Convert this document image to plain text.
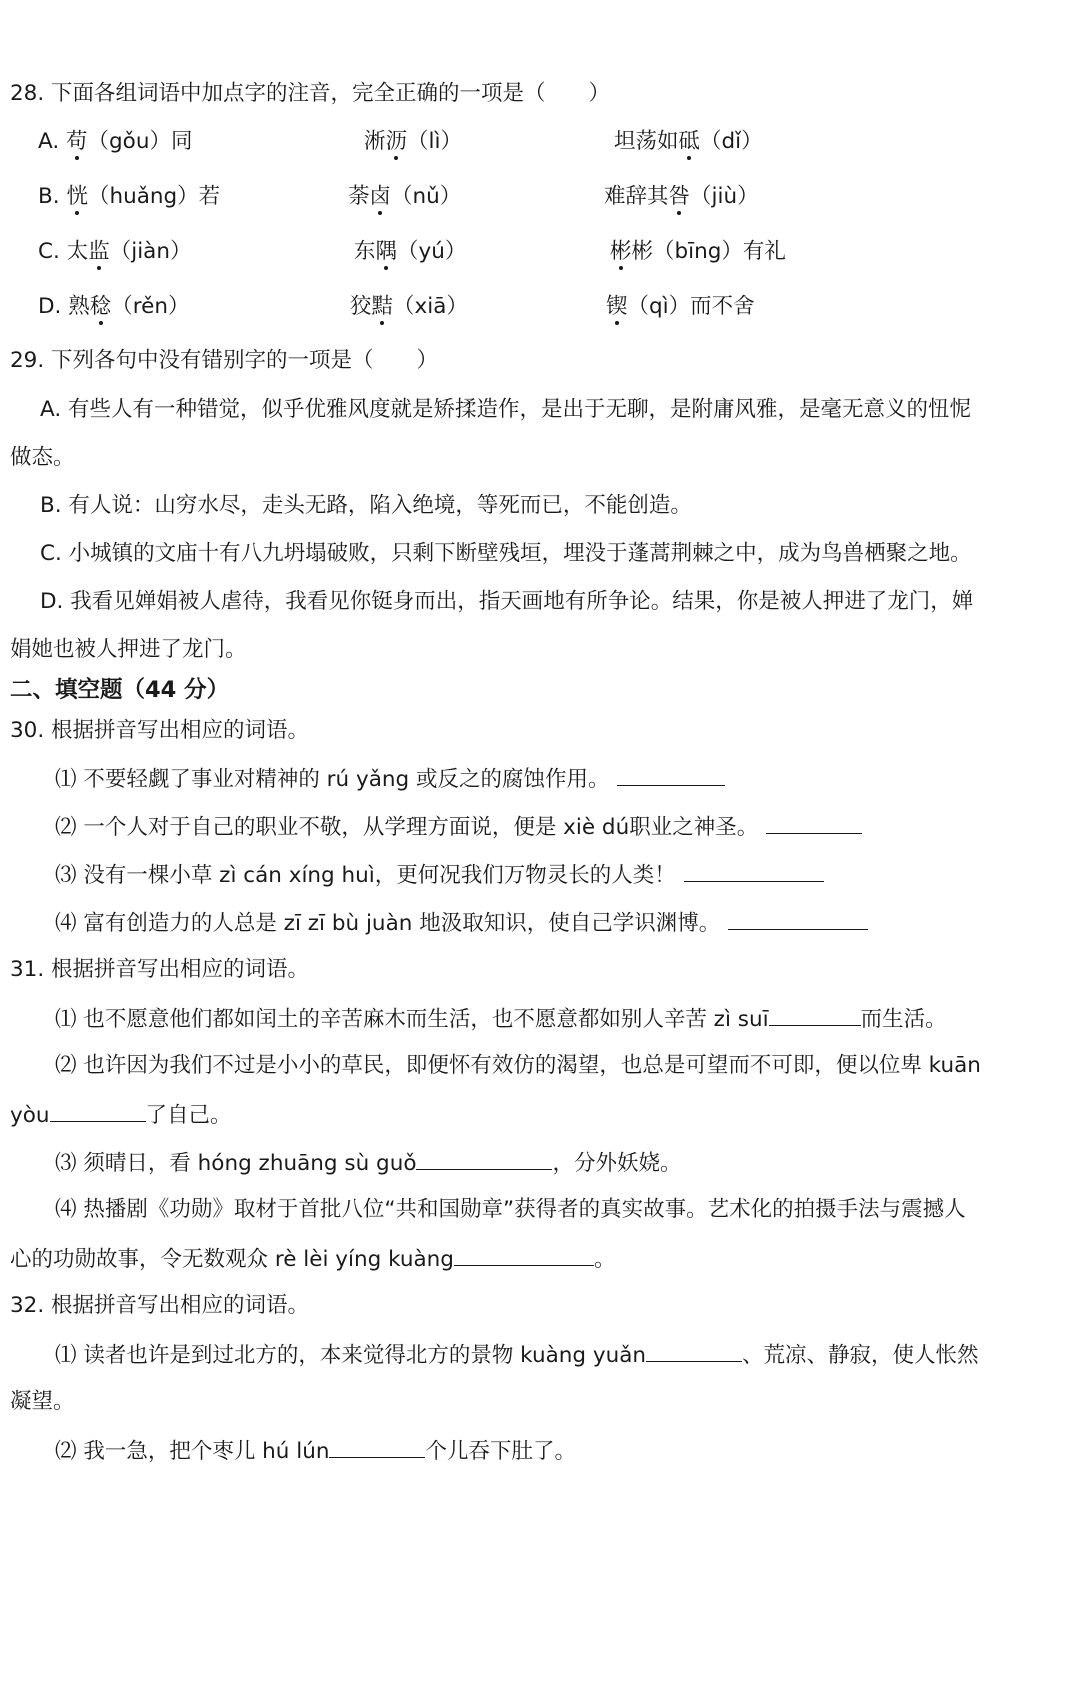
28. 下面各组词语中加点字的注音，完全正确的一项是（　　）
A. 苟（gǒu）同	淅沥（lì）	坦荡如砥（dǐ）
B. 恍（huǎng）若	荼卤（nǔ）	难辞其咎（jiù）
C. 太监（jiàn）	东隅（yú）	彬彬（bīng）有礼
D. 熟稔（rěn）	狡黠（xiā）	锲（qì）而不舍
29. 下列各句中没有错别字的一项是（　　）
A. 有些人有一种错觉，似乎优雅风度就是矫揉造作，是出于无聊，是附庸风雅，是毫无意义的忸怩
做态。
B. 有人说：山穷水尽，走头无路，陷入绝境，等死而已，不能创造。
C. 小城镇的文庙十有八九坍塌破败，只剩下断壁残垣，埋没于蓬蒿荆棘之中，成为鸟兽栖聚之地。
D. 我看见婵娟被人虐待，我看见你铤身而出，指天画地有所争论。结果，你是被人押进了龙门，婵
娟她也被人押进了龙门。
二、填空题（44 分）
30. 根据拼音写出相应的词语。
⑴ 不要轻觑了事业对精神的 rú yǎng 或反之的腐蚀作用。
⑵ 一个人对于自己的职业不敬，从学理方面说，便是 xiè dú职业之神圣。
⑶ 没有一棵小草 zì cán xíng huì，更何况我们万物灵长的人类！
⑷ 富有创造力的人总是 zī zī bù juàn 地汲取知识，使自己学识渊博。
31. 根据拼音写出相应的词语。
⑴ 也不愿意他们都如闰土的辛苦麻木而生活，也不愿意都如别人辛苦 zì suī	而生活。
⑵ 也许因为我们不过是小小的草民，即便怀有效仿的渴望，也总是可望而不可即，便以位卑 kuān
yòu	了自己。
⑶ 须晴日，看 hóng zhuāng sù guǒ	，分外妖娆。
⑷ 热播剧《功勋》取材于首批八位“共和国勋章”获得者的真实故事。艺术化的拍摄手法与震撼人
心的功勋故事，令无数观众 rè lèi yíng kuàng	。
32. 根据拼音写出相应的词语。
⑴ 读者也许是到过北方的，本来觉得北方的景物 kuàng yuǎn	、荒凉、静寂，使人怅然
凝望。
⑵ 我一急，把个枣儿 hú lún	个儿吞下肚了。
